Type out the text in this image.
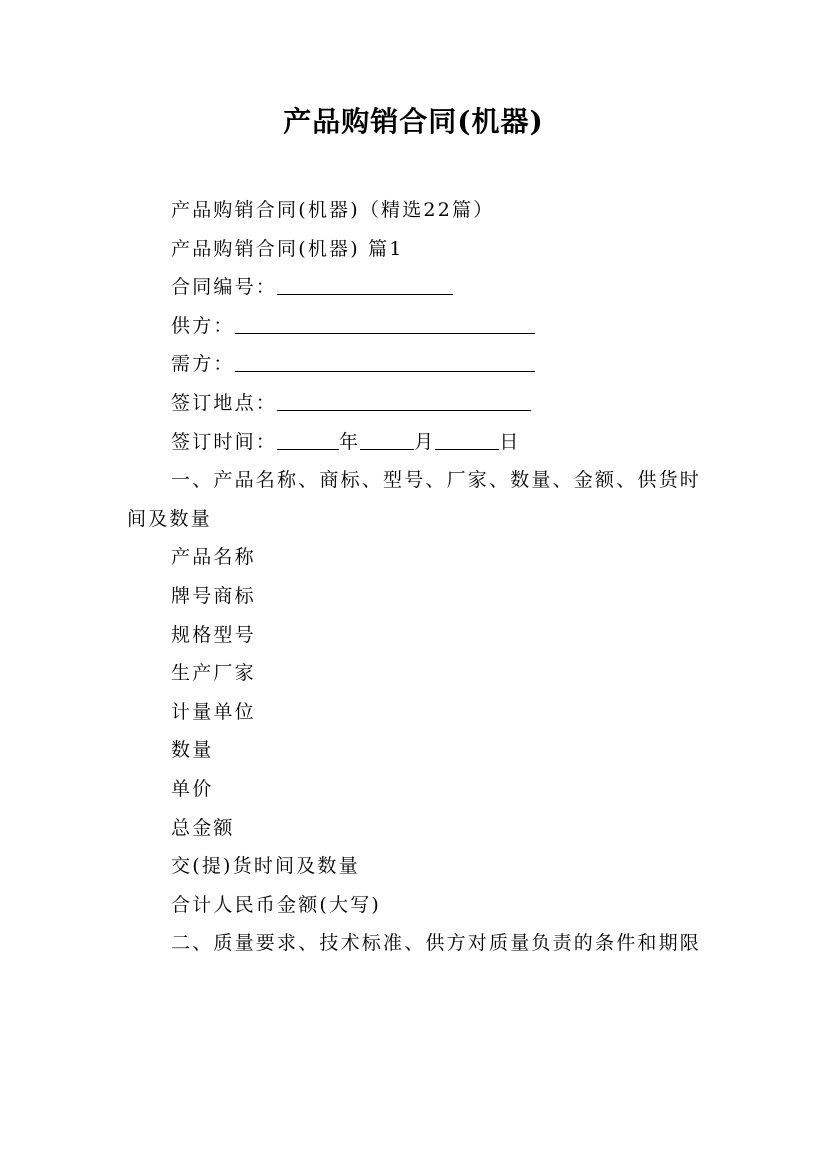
产品购销合同(机器)
产品购销合同(机器)（精选22篇）
产品购销合同(机器) 篇1
合同编号：
供方：
需方：
签订地点：
签订时间：	年	月	日
一、产品名称、商标、型号、厂家、数量、金额、供货时间及数量
产品名称
牌号商标
规格型号
生产厂家
计量单位
数量
单价
总金额
交(提)货时间及数量
合计人民币金额(大写)
二、质量要求、技术标准、供方对质量负责的条件和期限
